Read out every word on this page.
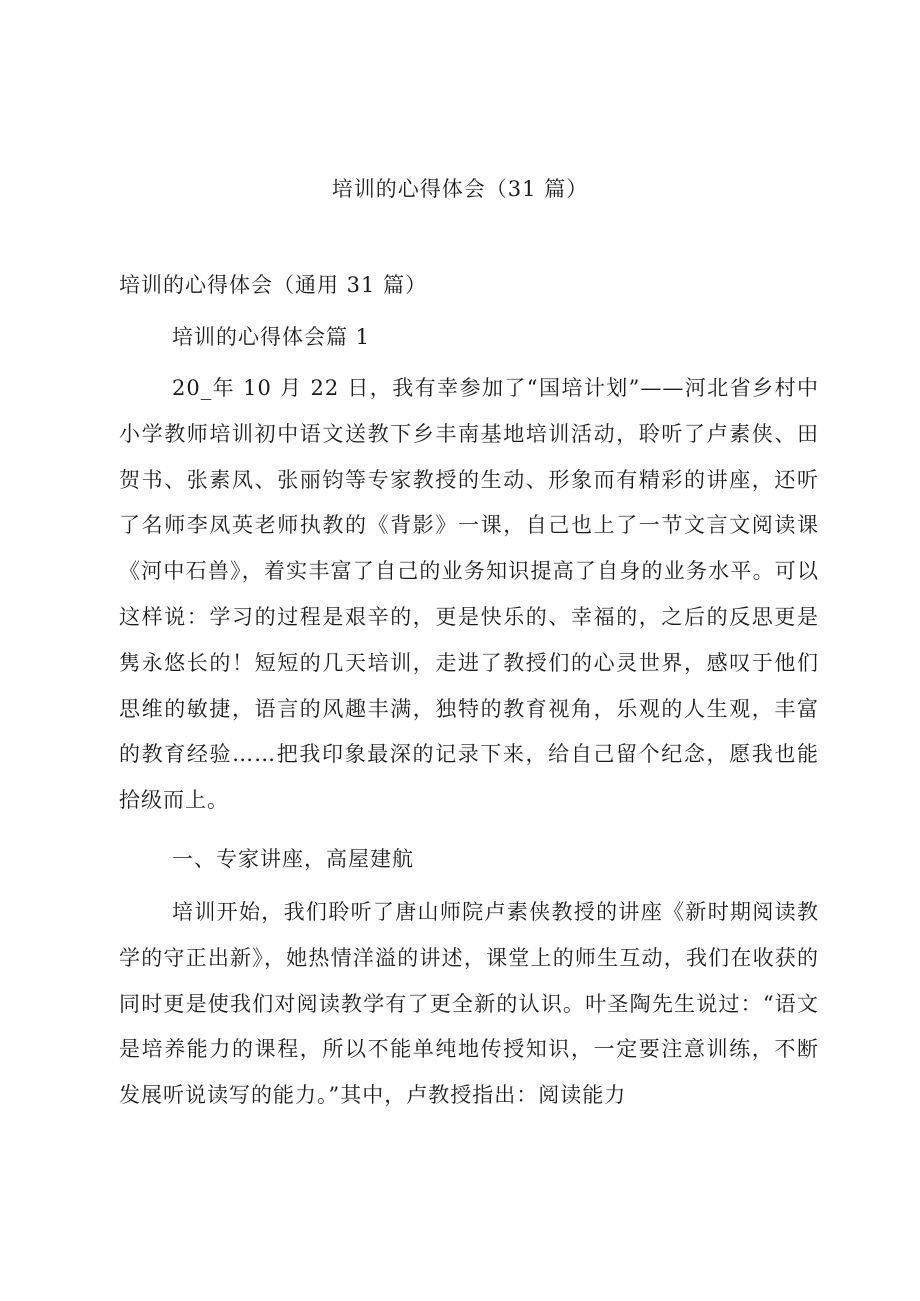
培训的心得体会（31 篇）
培训的心得体会（通用 31 篇）
培训的心得体会篇 1

20_年 10 月 22 日，我有幸参加了“国培计划”——河北省乡村中小学教师培训初中语文送教下乡丰南基地培训活动，聆听了卢素侠、田贺书、张素凤、张丽钧等专家教授的生动、形象而有精彩的讲座，还听了名师李凤英老师执教的《背影》一课，自己也上了一节文言文阅读课《河中石兽》，着实丰富了自己的业务知识提高了自身的业务水平。可以这样说：学习的过程是艰辛的，更是快乐的、幸福的，之后的反思更是隽永悠长的！短短的几天培训，走进了教授们的心灵世界，感叹于他们思维的敏捷，语言的风趣丰满，独特的教育视角，乐观的人生观，丰富的教育经验……把我印象最深的记录下来，给自己留个纪念，愿我也能拾级而上。

一、专家讲座，高屋建航

培训开始，我们聆听了唐山师院卢素侠教授的讲座《新时期阅读教学的守正出新》，她热情洋溢的讲述，课堂上的师生互动，我们在收获的同时更是使我们对阅读教学有了更全新的认识。叶圣陶先生说过：“语文是培养能力的课程，所以不能单纯地传授知识，一定要注意训练，不断发展听说读写的能力。”其中，卢教授指出：阅读能力
